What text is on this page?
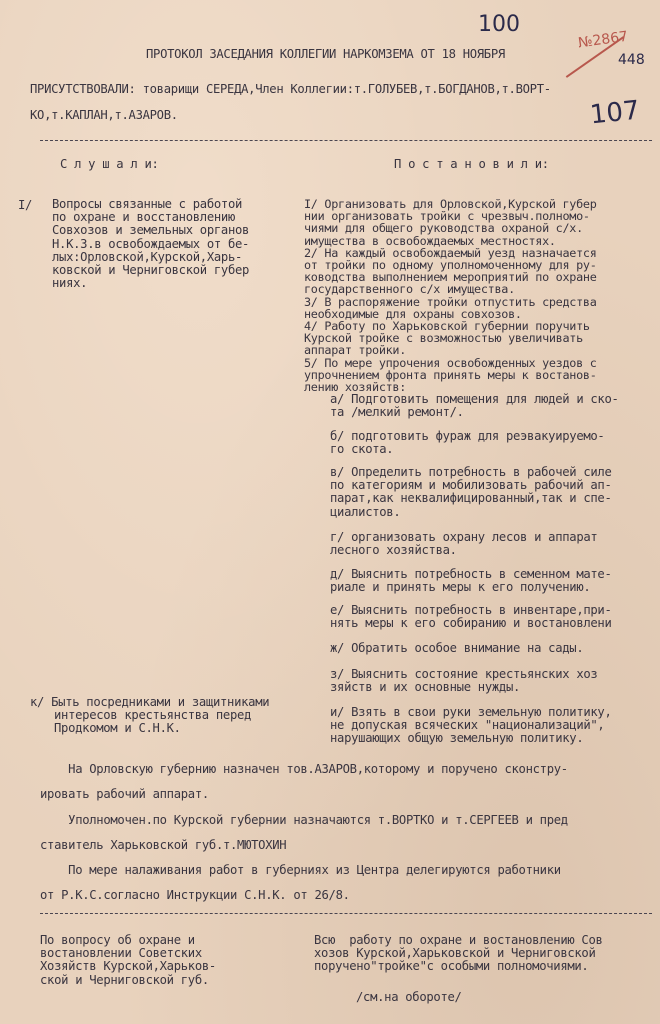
100
448
107
№2867
ПРОТОКОЛ ЗАСЕДАНИЯ КОЛЛЕГИИ НАРКОМЗЕМА ОТ 18 НОЯБРЯ
ПРИСУТСТВОВАЛИ: товарищи СЕРЕДА,Член Коллегии:т.ГОЛУБЕВ,т.БОГДАНОВ,т.ВОРТ-
КО,т.КАПЛАН,т.АЗАРОВ.
С л у ш а л и:	П о с т а н о в и л и:
I/ Вопросы связанные с работой
по охране и восстановлению
Совхозов и земельных органов
Н.К.З.в освобождаемых от бе-
лых:Орловской,Курской,Харь-
ковской и Черниговской губер
ниях.
I/ Организовать для Орловской,Курской губер
нии организовать тройки с чрезвыч.полномо-
чиями для общего руководства охраной с/х.
имущества в освобождаемых местностях.
2/ На каждый освобождаемый уезд назначается
от тройки по одному уполномоченному для ру-
ководства выполнением мероприятий по охране
государственного с/х имущества.
3/ В распоряжение тройки отпустить средства
необходимые для охраны совхозов.
4/ Работу по Харьковской губернии поручить
Курской тройке с возможностью увеличивать
аппарат тройки.
5/ По мере упрочения освобожденных уездов с
упрочнением фронта принять меры к востанов-
лению хозяйств:
а/ Подготовить помещения для людей и ско-
та /мелкий ремонт/.
б/ подготовить фураж для реэвакуируемо-
го скота.
в/ Определить потребность в рабочей силе
по категориям и мобилизовать рабочий ап-
парат,как неквалифицированный,так и спе-
циалистов.
г/ организовать охрану лесов и аппарат
лесного хозяйства.
д/ Выяснить потребность в семенном мате-
риале и принять меры к его получению.
е/ Выяснить потребность в инвентаре,при-
нять меры к его собиранию и востановлени
ж/ Обратить особое внимание на сады.
з/ Выяснить состояние крестьянских хоз
зяйств и их основные нужды.
и/ Взять в свои руки земельную политику,
не допуская всяческих "национализаций",
нарушающих общую земельную политику.
к/ Быть посредниками и защитниками
интересов крестьянства перед
Продкомом и С.Н.К.
На Орловскую губернию назначен тов.АЗАРОВ,которому и поручено сконстру-
ировать рабочий аппарат.
Уполномочен.по Курской губернии назначаются т.ВОРТКО и т.СЕРГЕЕВ и пред
ставитель Харьковской губ.т.МЮТОХИН
По мере налаживания работ в губерниях из Центра делегируются работники
от Р.К.С.согласно Инструкции С.Н.К. от 26/8.
По вопросу об охране и
востановлении Советских
Хозяйств Курской,Харьков-
ской и Черниговской губ.
Всю  работу по охране и востановлению Сов
хозов Курской,Харьковской и Черниговской
поручено"тройке"с особыми полномочиями.
/см.на обороте/
